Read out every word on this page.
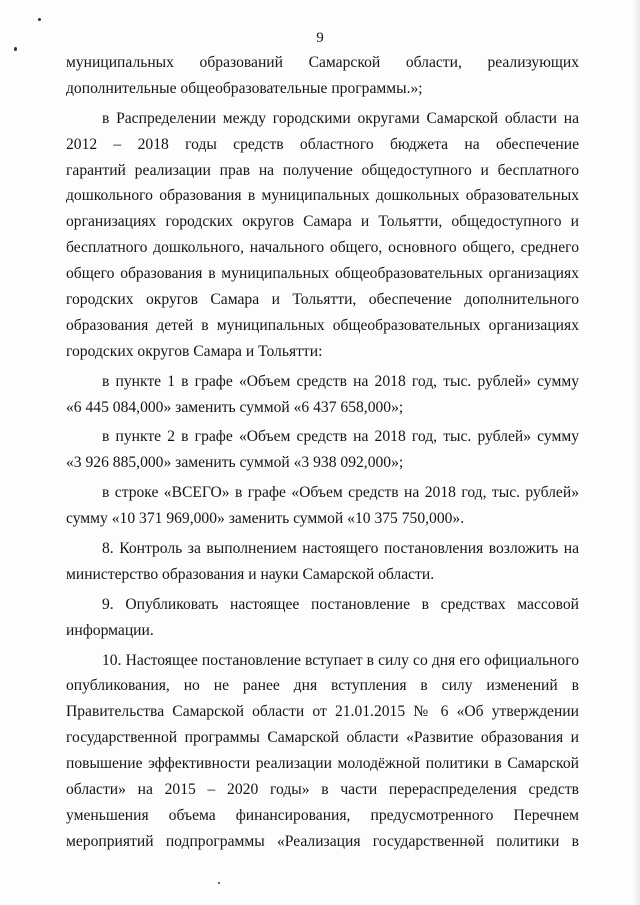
9
муниципальных образований Самарской области, реализующих
дополнительные общеобразовательные программы.»;
в Распределении между городскими округами Самарской области на
2012 – 2018 годы средств областного бюджета на обеспечение
гарантий реализации прав на получение общедоступного и бесплатного
дошкольного образования в муниципальных дошкольных образовательных
организациях городских округов Самара и Тольятти, общедоступного и
бесплатного дошкольного, начального общего, основного общего, среднего
общего образования в муниципальных общеобразовательных организациях
городских округов Самара и Тольятти, обеспечение дополнительного
образования детей в муниципальных общеобразовательных организациях
городских округов Самара и Тольятти:
в пункте 1 в графе «Объем средств на 2018 год, тыс. рублей» сумму
«6 445 084,000» заменить суммой «6 437 658,000»;
в пункте 2 в графе «Объем средств на 2018 год, тыс. рублей» сумму
«3 926 885,000» заменить суммой «3 938 092,000»;
в строке «ВСЕГО» в графе «Объем средств на 2018 год, тыс. рублей»
сумму «10 371 969,000» заменить суммой «10 375 750,000».
8. Контроль за выполнением настоящего постановления возложить на
министерство образования и науки Самарской области.
9. Опубликовать настоящее постановление в средствах массовой
информации.
10. Настоящее постановление вступает в силу со дня его официального
опубликования, но не ранее дня вступления в силу изменений в
Правительства Самарской области от 21.01.2015 № 6 «Об утверждении
государственной программы Самарской области «Развитие образования и
повышение эффективности реализации молодёжной политики в Самарской
области» на 2015 – 2020 годы» в части перераспределения средств
уменьшения объема финансирования, предусмотренного Перечнем
мероприятий подпрограммы «Реализация государственной политики в
